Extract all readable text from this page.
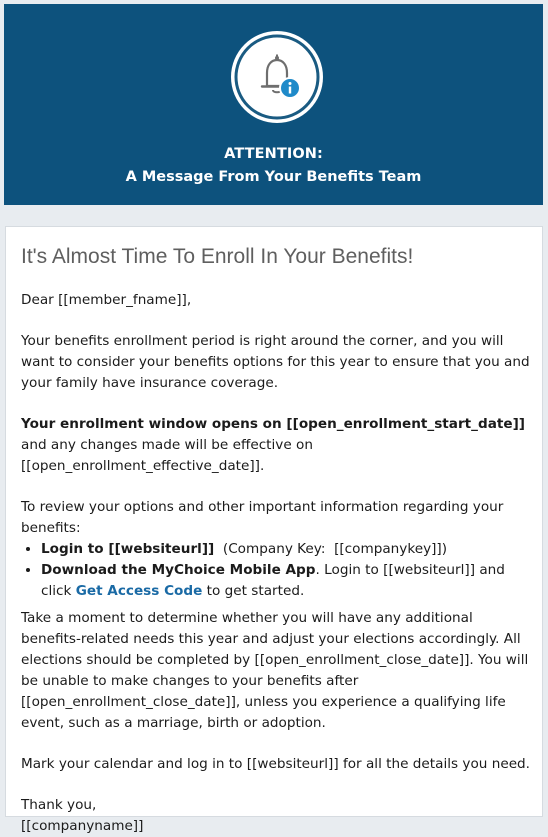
ATTENTION:
A Message From Your Benefits Team
It's Almost Time To Enroll In Your Benefits!

Dear [[member_fname]],

Your benefits enrollment period is right around the corner, and you will want to consider your benefits options for this year to ensure that you and your family have insurance coverage.

Your enrollment window opens on [[open_enrollment_start_date]] and any changes made will be effective on [[open_enrollment_effective_date]].

To review your options and other important information regarding your benefits:

• Login to [[websiteurl]]  (Company Key:  [[companykey]])
• Download the MyChoice Mobile App. Login to [[websiteurl]] and click Get Access Code to get started.

Take a moment to determine whether you will have any additional benefits-related needs this year and adjust your elections accordingly. All elections should be completed by [[open_enrollment_close_date]]. You will be unable to make changes to your benefits after [[open_enrollment_close_date]], unless you experience a qualifying life event, such as a marriage, birth or adoption.

Mark your calendar and log in to [[websiteurl]] for all the details you need.

Thank you,

[[companyname]]
